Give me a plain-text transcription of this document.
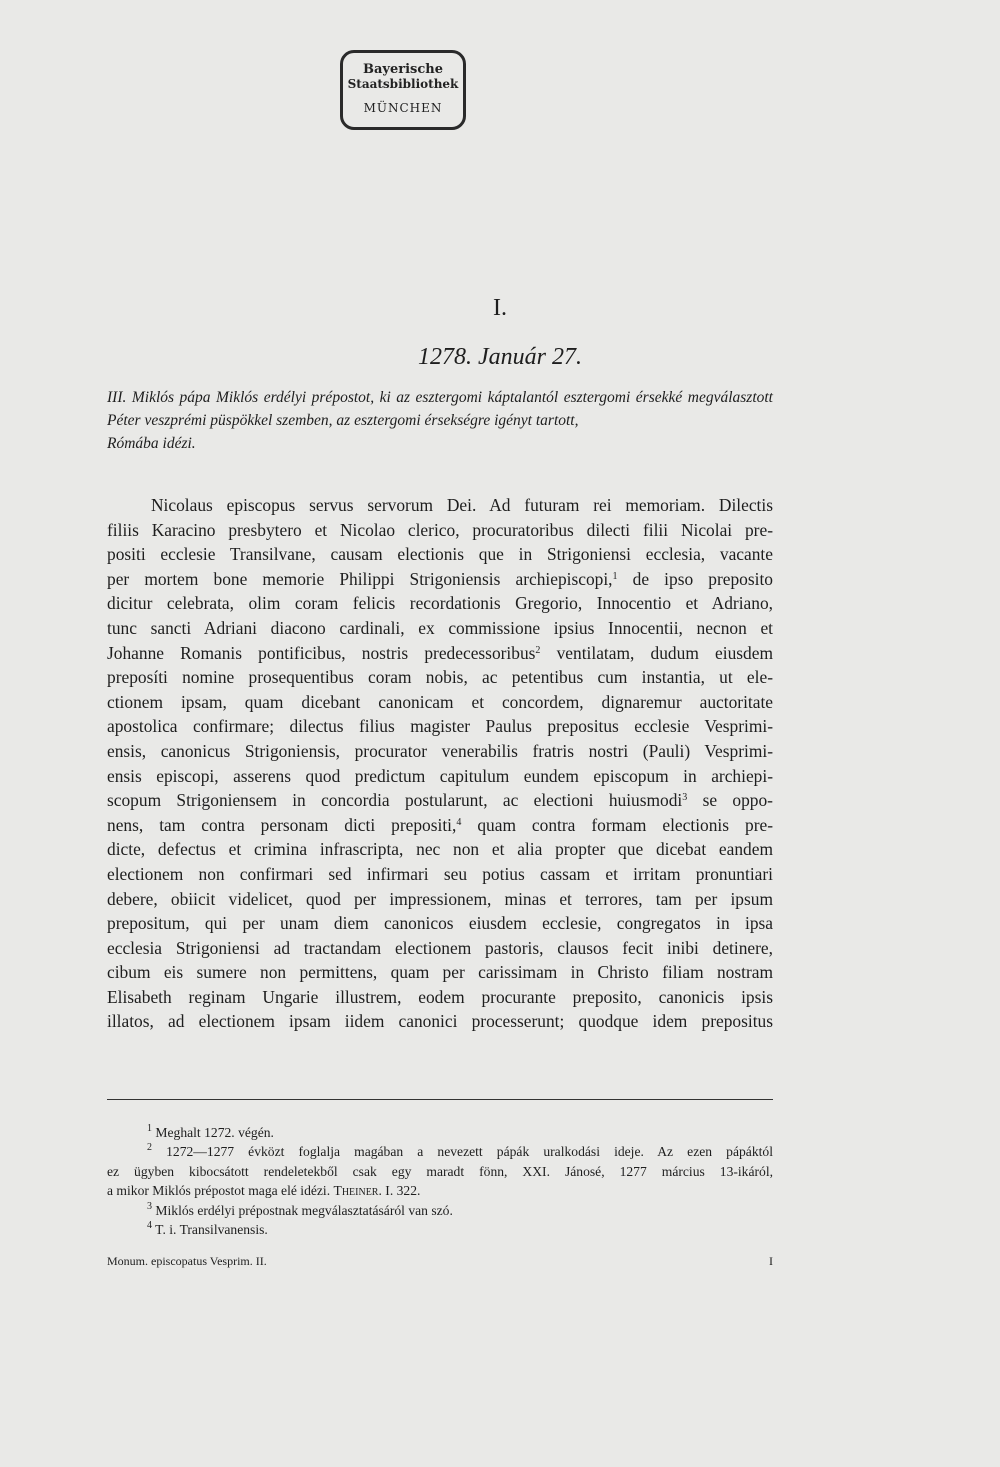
Bayerische
Staatsbibliothek
MÜNCHEN
I.
1278. Január 27.
III. Miklós pápa Miklós erdélyi prépostot, ki az esztergomi káptalantól esztergomi érsekké megválasztott Péter veszprémi püspökkel szemben, az esztergomi érsekségre igényt tartott,
Rómába idézi.
Nicolaus episcopus servus servorum Dei. Ad futuram rei memoriam. Dilectis
filiis Karacino presbytero et Nicolao clerico, procuratoribus dilecti filii Nicolai pre-
positi ecclesie Transilvane, causam electionis que in Strigoniensi ecclesia, vacante
per mortem bone memorie Philippi Strigoniensis archiepiscopi,$^1$ de ipso preposito
dicitur celebrata, olim coram felicis recordationis Gregorio, Innocentio et Adriano,
tunc sancti Adriani diacono cardinali, ex commissione ipsius Innocentii, necnon et
Johanne Romanis pontificibus, nostris predecessoribus$^2$ ventilatam, dudum eiusdem
preposíti nomine prosequentibus coram nobis, ac petentibus cum instantia, ut ele-
ctionem ipsam, quam dicebant canonicam et concordem, dignaremur auctoritate
apostolica confirmare; dilectus filius magister Paulus prepositus ecclesie Vesprimi-
ensis, canonicus Strigoniensis, procurator venerabilis fratris nostri (Pauli) Vesprimi-
ensis episcopi, asserens quod predictum capitulum eundem episcopum in archiepi-
scopum Strigoniensem in concordia postularunt, ac electioni huiusmodi$^3$ se oppo-
nens, tam contra personam dicti prepositi,$^4$ quam contra formam electionis pre-
dicte, defectus et crimina infrascripta, nec non et alia propter que dicebat eandem
electionem non confirmari sed infirmari seu potius cassam et irritam pronuntiari
debere, obiicit videlicet, quod per impressionem, minas et terrores, tam per ipsum
prepositum, qui per unam diem canonicos eiusdem ecclesie, congregatos in ipsa
ecclesia Strigoniensi ad tractandam electionem pastoris, clausos fecit inibi detinere,
cibum eis sumere non permittens, quam per carissimam in Christo filiam nostram
Elisabeth reginam Ungarie illustrem, eodem procurante preposito, canonicis ipsis
illatos, ad electionem ipsam iidem canonici processerunt; quodque idem prepositus
$^1$ Meghalt 1272. végén.
$^2$ 1272—1277 évközt foglalja magában a nevezett pápák uralkodási ideje. Az ezen pápáktól
ez ügyben kibocsátott rendeletekből csak egy maradt fönn, XXI. Jánosé, 1277 március 13-ikáról,
a mikor Miklós prépostot maga elé idézi. Theiner. I. 322.
$^3$ Miklós erdélyi prépostnak megválasztatásáról van szó.
$^4$ T. i. Transilvanensis.
Monum. episcopatus Vesprim. II.	I
